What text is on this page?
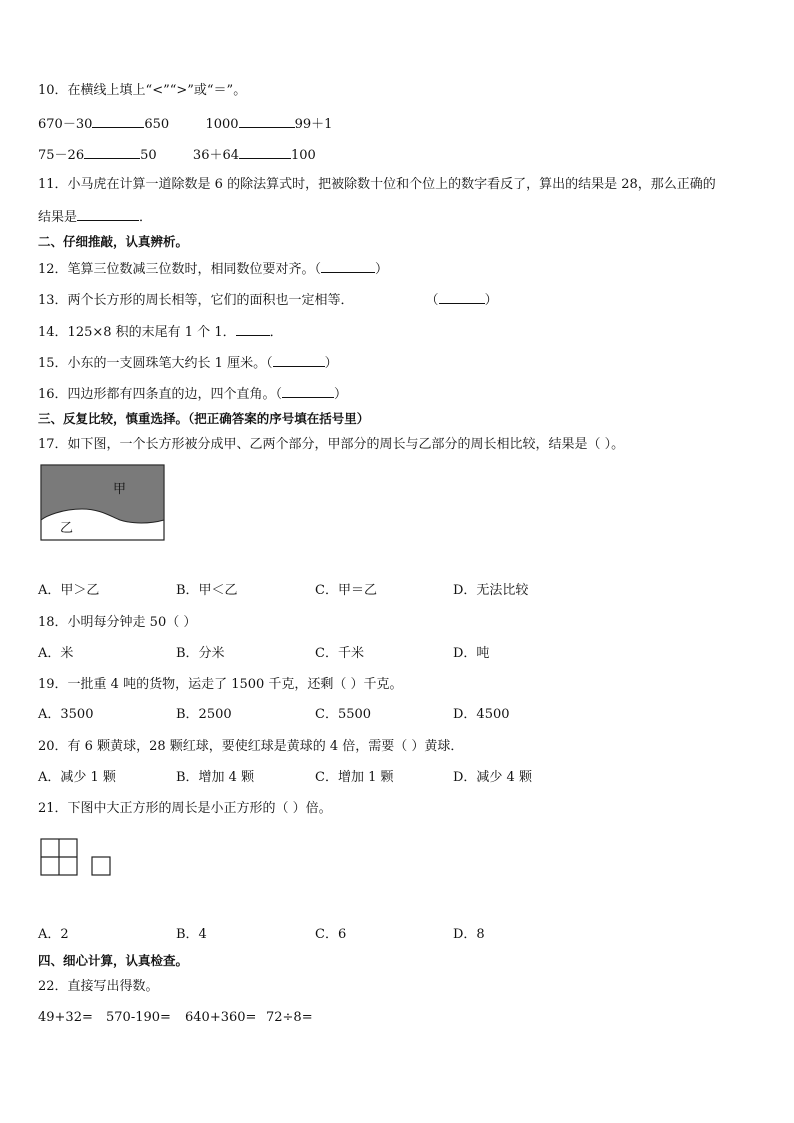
10．在横线上填上“<”“>”或“＝”。
670－30	650	1000	99＋1
75－26	50	36＋64	100
11．小马虎在计算一道除数是 6 的除法算式时，把被除数十位和个位上的数字看反了，算出的结果是 28，那么正确的
结果是	．
二、仔细推敲，认真辨析。
12．笔算三位数减三位数时，相同数位要对齐。（	）
13．两个长方形的周长相等，它们的面积也一定相等．	（	）
14．125×8 积的末尾有 1 个 1．	．
15．小东的一支圆珠笔大约长 1 厘米。（	）
16．四边形都有四条直的边，四个直角。（	）
三、反复比较，慎重选择。（把正确答案的序号填在括号里）
17．如下图，一个长方形被分成甲、乙两个部分，甲部分的周长与乙部分的周长相比较，结果是（ ）。
甲
乙
A．甲＞乙	B．甲＜乙	C．甲＝乙	D．无法比较
18．小明每分钟走 50（ ）
A．米	B．分米	C．千米	D．吨
19．一批重 4 吨的货物，运走了 1500 千克，还剩（ ）千克。
A．3500	B．2500	C．5500	D．4500
20．有 6 颗黄球，28 颗红球，要使红球是黄球的 4 倍，需要（ ）黄球．
A．减少 1 颗	B．增加 4 颗	C．增加 1 颗	D．减少 4 颗
21．下图中大正方形的周长是小正方形的（ ）倍。
A．2	B．4	C．6	D．8
四、细心计算，认真检查。
22．直接写出得数。
49+32= 570-190= 640+360= 72÷8=
